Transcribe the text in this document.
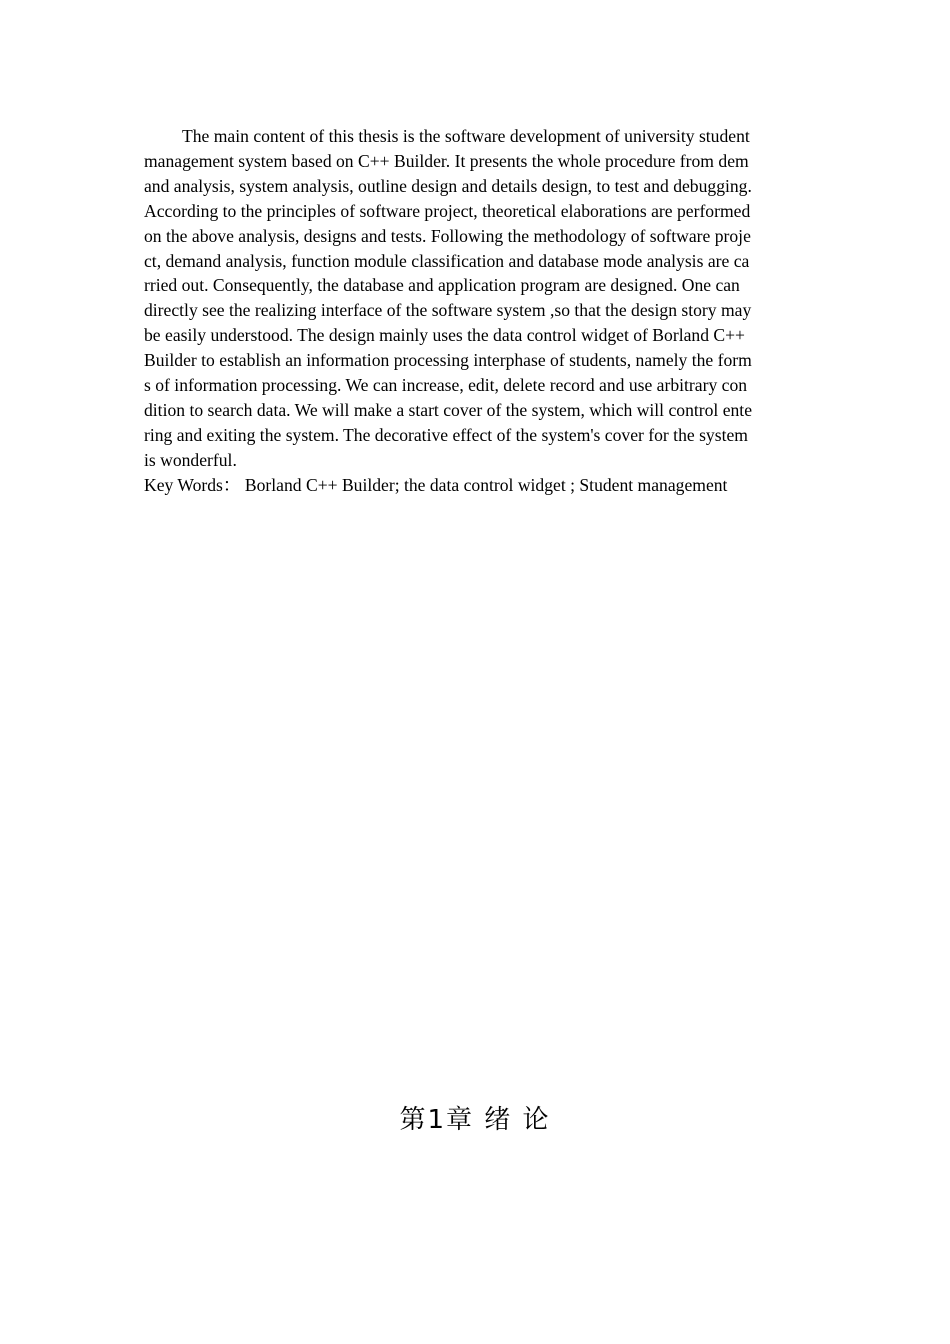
The main content of this thesis is the software development of university student
management system based on C++ Builder. It presents the whole procedure from dem
and analysis, system analysis, outline design and details design, to test and debugging.
According to the principles of software project, theoretical elaborations are performed
on the above analysis, designs and tests. Following the methodology of software proje
ct, demand analysis, function module classification and database mode analysis are ca
rried out. Consequently, the database and application program are designed. One can
directly see the realizing interface of the software system ,so that the design story may
be easily understood. The design mainly uses the data control widget of Borland C++
Builder to establish an information processing interphase of students, namely the form
s of information processing. We can increase, edit, delete record and use arbitrary con
dition to search data. We will make a start cover of the system, which will control ente
ring and exiting the system. The decorative effect of the system's cover for the system
is wonderful.
Key Words： Borland C++ Builder; the data control widget ; Student management
第1章 绪 论
